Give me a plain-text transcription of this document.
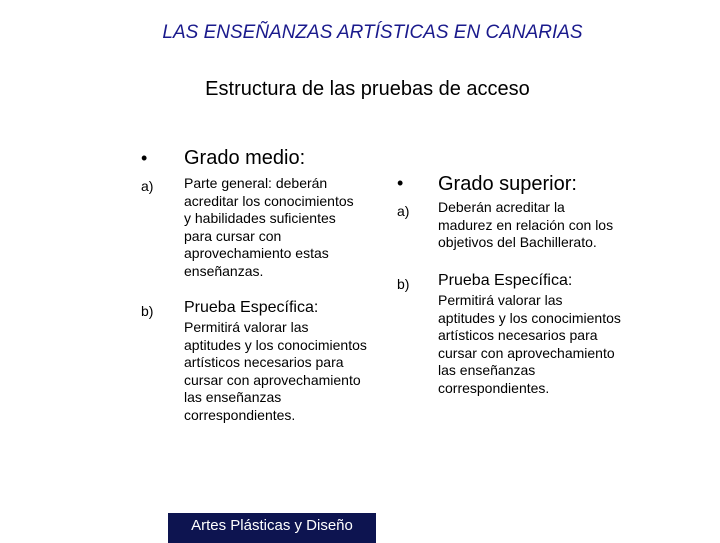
LAS ENSEÑANZAS ARTÍSTICAS EN CANARIAS
Estructura de las pruebas de acceso
• Grado medio:
a) Parte general: deberán acreditar los conocimientos y habilidades suficientes para cursar con aprovechamiento estas enseñanzas.
b) Prueba Específica:
Permitirá valorar las aptitudes y los conocimientos artísticos necesarios para cursar con aprovechamiento las enseñanzas correspondientes.
• Grado superior:
a) Deberán acreditar la madurez en relación con los objetivos del Bachillerato.
b) Prueba Específica:
Permitirá valorar las aptitudes y los conocimientos artísticos necesarios para cursar con aprovechamiento las enseñanzas correspondientes.
Artes Plásticas y Diseño
